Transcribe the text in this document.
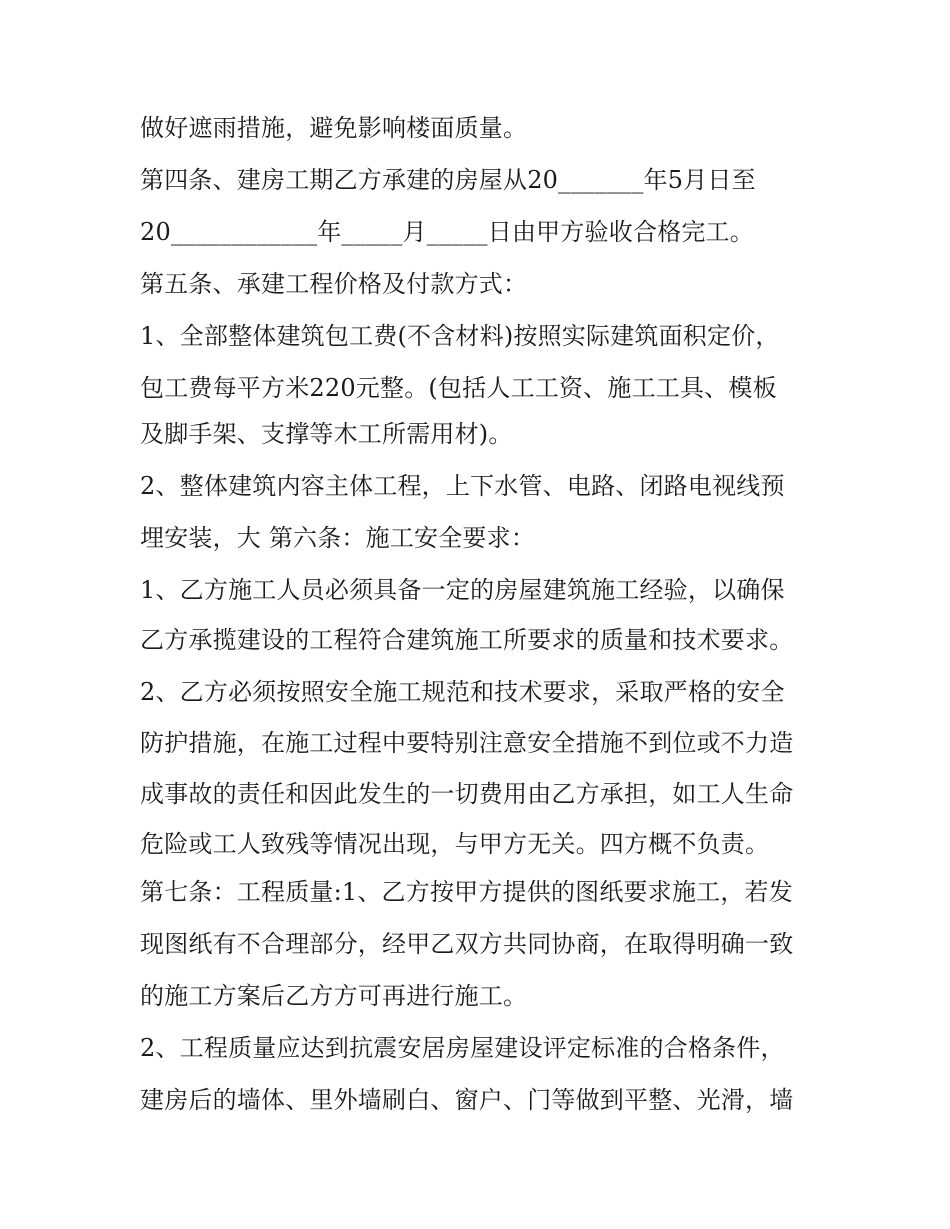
做好遮雨措施，避免影响楼面质量。
第四条、建房工期乙方承建的房屋从20_______年5月日至
20____________年_____月_____日由甲方验收合格完工。
第五条、承建工程价格及付款方式：
1、全部整体建筑包工费(不含材料)按照实际建筑面积定价，
包工费每平方米220元整。(包括人工工资、施工工具、模板
及脚手架、支撑等木工所需用材)。
2、整体建筑内容主体工程，上下水管、电路、闭路电视线预
埋安装，大 第六条：施工安全要求：
1、乙方施工人员必须具备一定的房屋建筑施工经验，以确保
乙方承揽建设的工程符合建筑施工所要求的质量和技术要求。
2、乙方必须按照安全施工规范和技术要求，采取严格的安全
防护措施，在施工过程中要特别注意安全措施不到位或不力造
成事故的责任和因此发生的一切费用由乙方承担，如工人生命
危险或工人致残等情况出现，与甲方无关。四方概不负责。
第七条：工程质量:1、乙方按甲方提供的图纸要求施工，若发
现图纸有不合理部分，经甲乙双方共同协商，在取得明确一致
的施工方案后乙方方可再进行施工。
2、工程质量应达到抗震安居房屋建设评定标准的合格条件，
建房后的墙体、里外墙刷白、窗户、门等做到平整、光滑，墙
